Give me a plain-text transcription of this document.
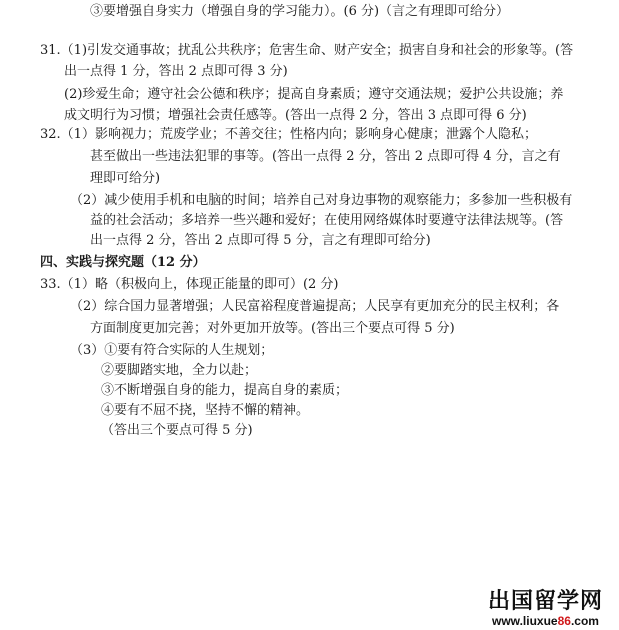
③要增强自身实力（增强自身的学习能力）。(6 分)（言之有理即可给分）
31.（1)引发交通事故；扰乱公共秩序；危害生命、财产安全；损害自身和社会的形象等。(答
出一点得 1 分，答出 2 点即可得 3 分)
(2)珍爱生命；遵守社会公德和秩序；提高自身素质；遵守交通法规；爱护公共设施；养
成文明行为习惯；增强社会责任感等。(答出一点得 2 分，答出 3 点即可得 6 分)
32.（1）影响视力；荒废学业；不善交往；性格内向；影响身心健康；泄露个人隐私；
甚至做出一些违法犯罪的事等。(答出一点得 2 分，答出 2 点即可得 4 分，言之有
理即可给分)
（2）减少使用手机和电脑的时间；培养自己对身边事物的观察能力；多参加一些积极有
益的社会活动；多培养一些兴趣和爱好；在使用网络媒体时要遵守法律法规等。(答
出一点得 2 分，答出 2 点即可得 5 分，言之有理即可给分)
四、实践与探究题（12 分）
33.（1）略（积极向上，体现正能量的即可）(2 分)
（2）综合国力显著增强；人民富裕程度普遍提高；人民享有更加充分的民主权利；各
方面制度更加完善；对外更加开放等。(答出三个要点可得 5 分)
（3）①要有符合实际的人生规划；
②要脚踏实地，全力以赴；
③不断增强自身的能力，提高自身的素质；
④要有不屈不挠，坚持不懈的精神。
（答出三个要点可得 5 分)
出国留学网
www.liuxue86.com
